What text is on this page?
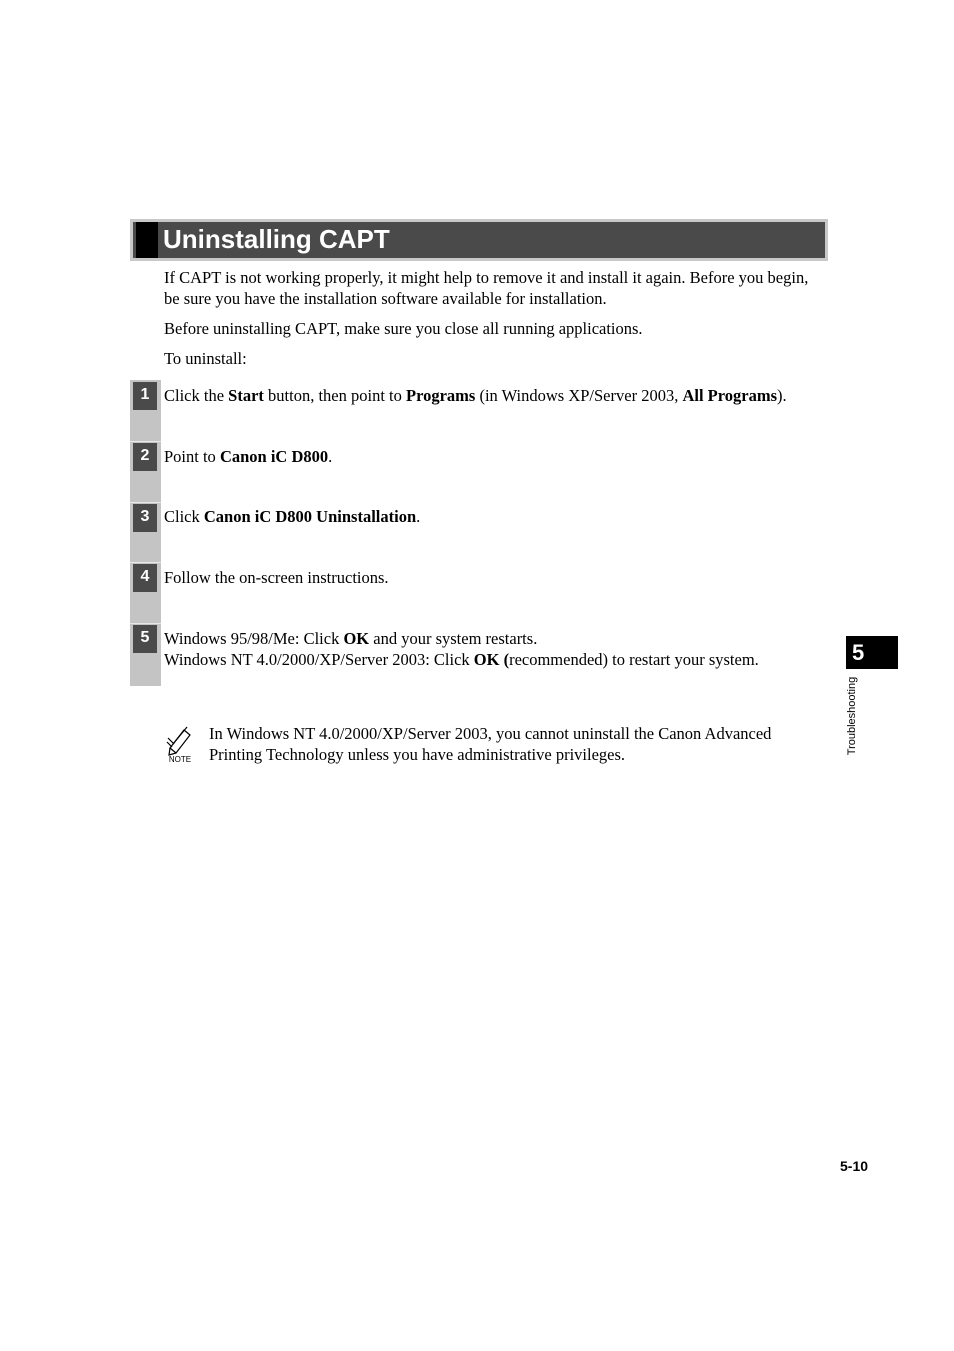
Uninstalling CAPT
If CAPT is not working properly, it might help to remove it and install it again. Before you begin, be sure you have the installation software available for installation.
Before uninstalling CAPT, make sure you close all running applications.
To uninstall:
1 Click the Start button, then point to Programs (in Windows XP/Server 2003, All Programs).
2 Point to Canon iC D800.
3 Click Canon iC D800 Uninstallation.
4 Follow the on-screen instructions.
5 Windows 95/98/Me: Click OK and your system restarts.
Windows NT 4.0/2000/XP/Server 2003: Click OK (recommended) to restart your system.
NOTE
In Windows NT 4.0/2000/XP/Server 2003, you cannot uninstall the Canon Advanced Printing Technology unless you have administrative privileges.
5
Troubleshooting
5-10
